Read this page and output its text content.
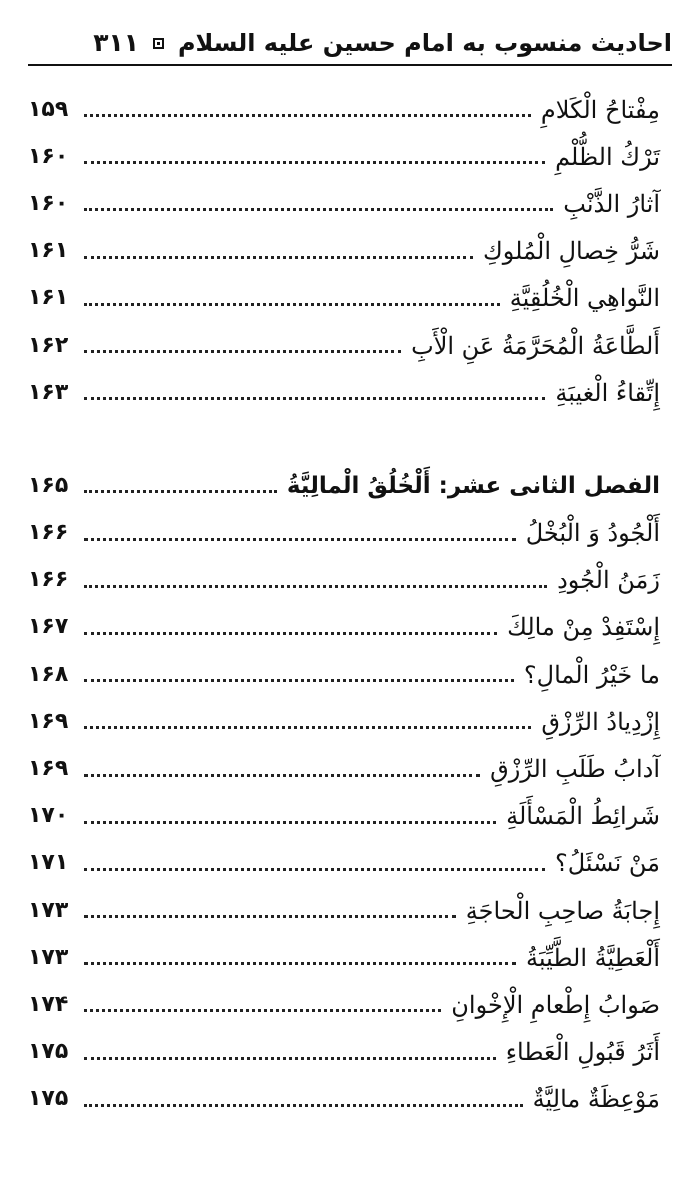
احادیث منسوب به امام حسین علیه السلام
۳۱۱
مِفْتاحُ الْكَلامِ
۱۵۹
تَرْكُ الظُّلْمِ
۱۶۰
آثارُ الذَّنْبِ
۱۶۰
شَرُّ خِصالِ الْمُلوكِ
۱۶۱
النَّواهِي الْخُلُقِيَّةِ
۱۶۱
أَلطَّاعَةُ الْمُحَرَّمَةُ عَنِ الْأَبِ
۱۶۲
إِتِّقاءُ الْغيبَةِ
۱۶۳
الفصل الثانی عشر: أَلْخُلُقُ الْمالِيَّةُ
۱۶۵
أَلْجُودُ وَ الْبُخْلُ
۱۶۶
زَمَنُ الْجُودِ
۱۶۶
إِسْتَفِدْ مِنْ مالِكَ
۱۶۷
ما خَيْرُ الْمالِ؟
۱۶۸
إِزْدِيادُ الرِّزْقِ
۱۶۹
آدابُ طَلَبِ الرِّزْقِ
۱۶۹
شَرائِطُ الْمَسْأَلَةِ
۱۷۰
مَنْ نَسْئَلُ؟
۱۷۱
إِجابَةُ صاحِبِ الْحاجَةِ
۱۷۳
أَلْعَطِيَّةُ الطَّيِّبَةُ
۱۷۳
صَوابُ إِطْعامِ الْإِخْوانِ
۱۷۴
أَثَرُ قَبُولِ الْعَطاءِ
۱۷۵
مَوْعِظَةٌ مالِيَّةٌ
۱۷۵
